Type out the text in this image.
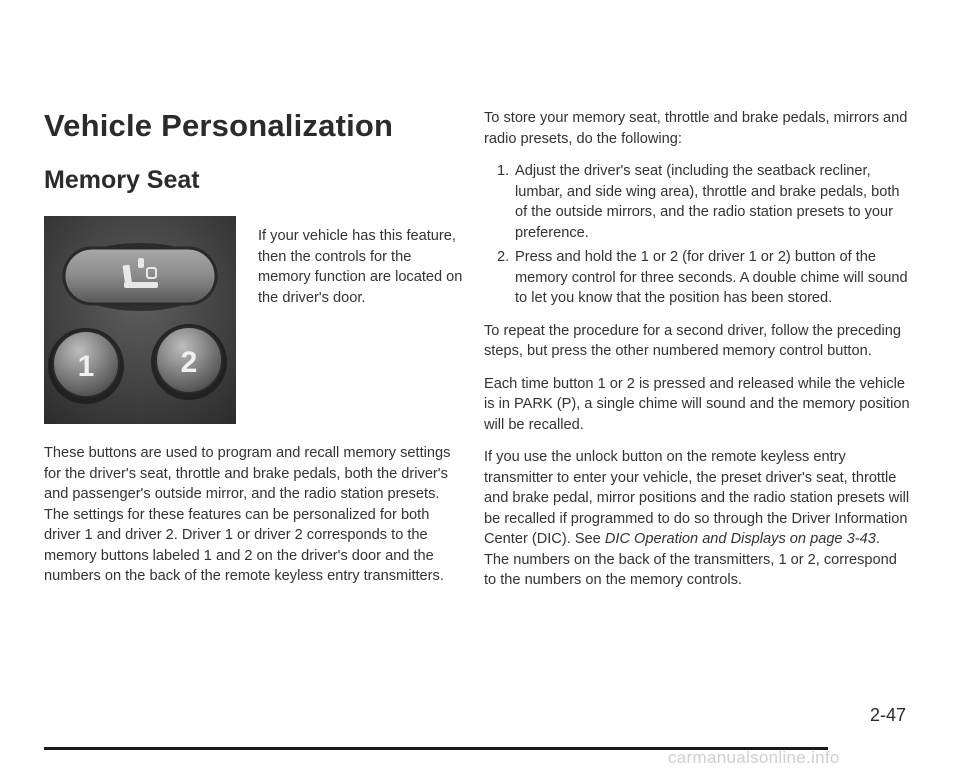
Vehicle Personalization
Memory Seat
1	2

If your vehicle has this feature, then the controls for the memory function are located on the driver's door.

These buttons are used to program and recall memory settings for the driver's seat, throttle and brake pedals, both the driver's and passenger's outside mirror, and the radio station presets. The settings for these features can be personalized for both driver 1 and driver 2. Driver 1 or driver 2 corresponds to the memory buttons labeled 1 and 2 on the driver's door and the numbers on the back of the remote keyless entry transmitters.

To store your memory seat, throttle and brake pedals, mirrors and radio presets, do the following:

1. Adjust the driver's seat (including the seatback recliner, lumbar, and side wing area), throttle and brake pedals, both of the outside mirrors, and the radio station presets to your preference.
2. Press and hold the 1 or 2 (for driver 1 or 2) button of the memory control for three seconds. A double chime will sound to let you know that the position has been stored.

To repeat the procedure for a second driver, follow the preceding steps, but press the other numbered memory control button.

Each time button 1 or 2 is pressed and released while the vehicle is in PARK (P), a single chime will sound and the memory position will be recalled.

If you use the unlock button on the remote keyless entry transmitter to enter your vehicle, the preset driver's seat, throttle and brake pedal, mirror positions and the radio station presets will be recalled if programmed to do so through the Driver Information Center (DIC). See DIC Operation and Displays on page 3-43.

The numbers on the back of the transmitters, 1 or 2, correspond to the numbers on the memory controls.

2-47
carmanualsonline.info
